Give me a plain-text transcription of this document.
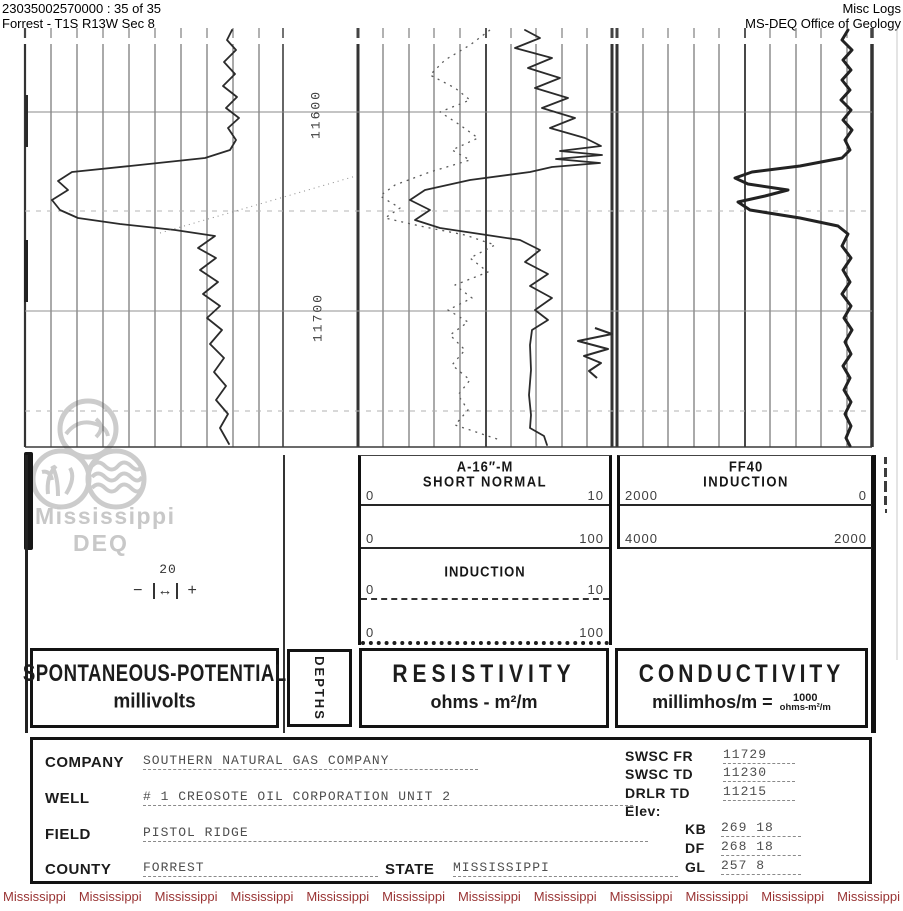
23035002570000 : 35 of 35
Forrest - T1S R13W Sec 8
Misc Logs
MS-DEQ Office of Geology
Mississippi
DEQ
11600
11700
A-16″-M
SHORT NORMAL
0	10
0	100
INDUCTION
0	10
0	100
FF40
INDUCTION
2000	0
4000	2000
20
−	↔ +
SPONTANEOUS-POTENTIAL
millivolts	DEPTHS	RESISTIVITY
ohms - m²/m
CONDUCTIVITY
millimhos/m = 1000
ohms-m²/m
COMPANY SOUTHERN NATURAL GAS COMPANY
WELL	# 1 CREOSOTE OIL CORPORATION UNIT 2
FIELD	PISTOL RIDGE
COUNTY FORREST	STATE MISSISSIPPI
SWSC FR 11729
SWSC TD 11230
DRLR TD	11215
Elev:
KB 269 18
DF 268 18
GL 257 8
Mississippi Mississippi Mississippi Mississippi Mississippi Mississippi Mississippi Mississippi Mississippi Mississippi Mississippi Mississippi
